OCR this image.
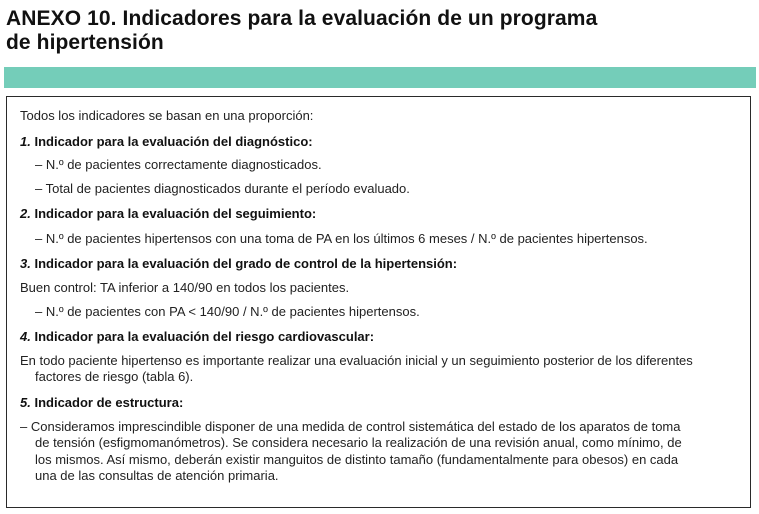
ANEXO 10. Indicadores para la evaluación de un programa
de hipertensión
Todos los indicadores se basan en una proporción:
1. Indicador para la evaluación del diagnóstico:
– N.º de pacientes correctamente diagnosticados.
– Total de pacientes diagnosticados durante el período evaluado.
2. Indicador para la evaluación del seguimiento:
– N.º de pacientes hipertensos con una toma de PA en los últimos 6 meses / N.º de pacientes hipertensos.
3. Indicador para la evaluación del grado de control de la hipertensión:
Buen control: TA inferior a 140/90 en todos los pacientes.
– N.º de pacientes con PA < 140/90 / N.º de pacientes hipertensos.
4. Indicador para la evaluación del riesgo cardiovascular:
En todo paciente hipertenso es importante realizar una evaluación inicial y un seguimiento posterior de los diferentes
factores de riesgo (tabla 6).
5. Indicador de estructura:
– Consideramos imprescindible disponer de una medida de control sistemática del estado de los aparatos de toma
de tensión (esfigmomanómetros). Se considera necesario la realización de una revisión anual, como mínimo, de
los mismos. Así mismo, deberán existir manguitos de distinto tamaño (fundamentalmente para obesos) en cada
una de las consultas de atención primaria.
